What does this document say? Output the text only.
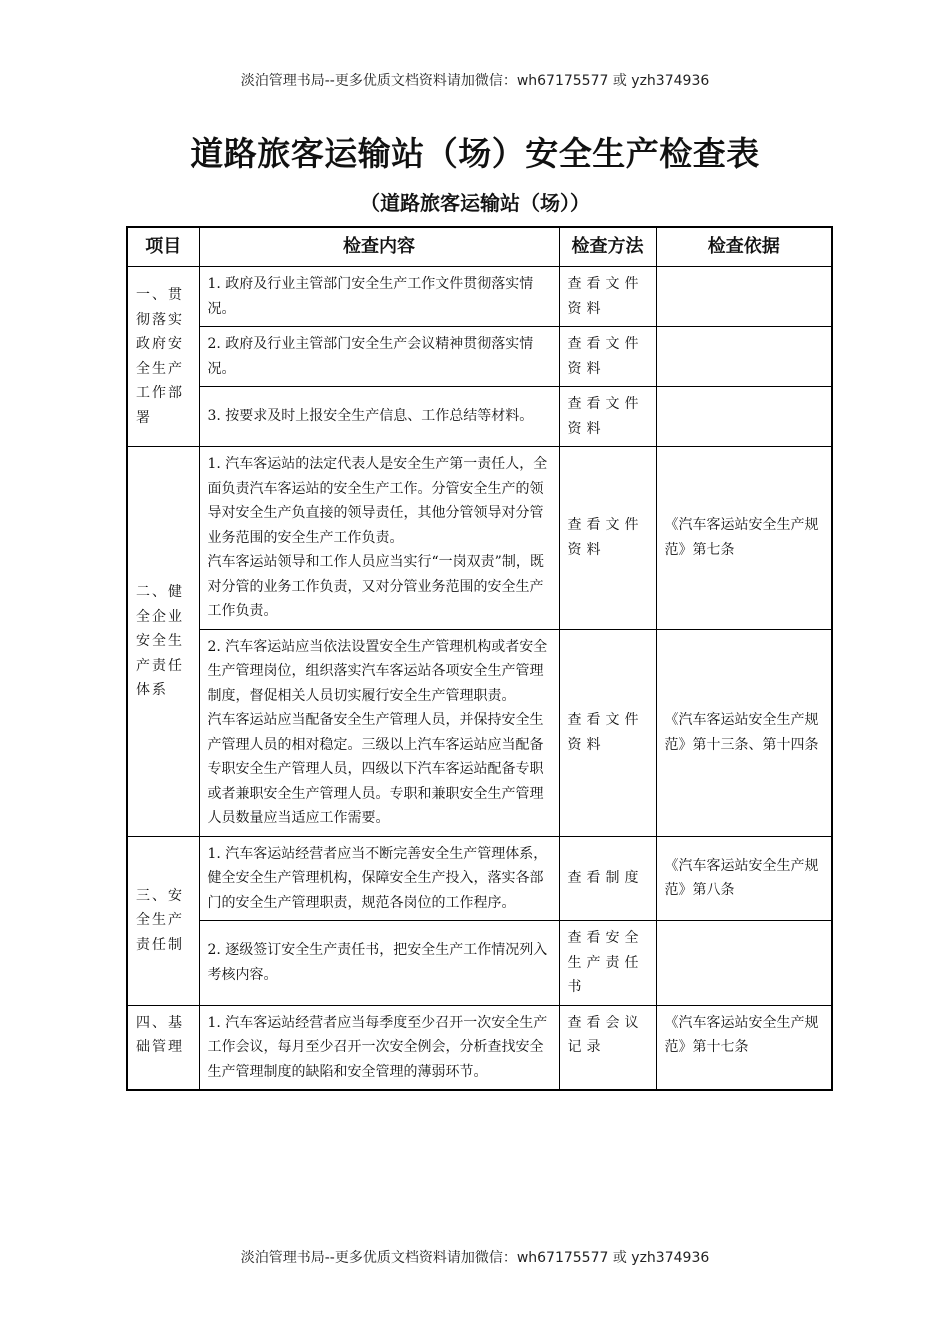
淡泊管理书局--更多优质文档资料请加微信：wh67175577 或 yzh374936
道路旅客运输站（场）安全生产检查表
（道路旅客运输站（场））
项目	检查内容	检查方法	检查依据
一、贯彻落实政府安全生产工作部署	1. 政府及行业主管部门安全生产工作文件贯彻落实情况。	查看文件资料	
	2. 政府及行业主管部门安全生产会议精神贯彻落实情况。	查看文件资料	
	3. 按要求及时上报安全生产信息、工作总结等材料。	查看文件资料	
二、健全企业安全生产责任体系	1. 汽车客运站的法定代表人是安全生产第一责任人，全面负责汽车客运站的安全生产工作。分管安全生产的领导对安全生产负直接的领导责任，其他分管领导对分管业务范围的安全生产工作负责。

汽车客运站领导和工作人员应当实行“一岗双责”制，既对分管的业务工作负责，又对分管业务范围的安全生产工作负责。	查看文件资料	《汽车客运站安全生产规范》第七条

	2. 汽车客运站应当依法设置安全生产管理机构或者安全生产管理岗位，组织落实汽车客运站各项安全生产管理制度，督促相关人员切实履行安全生产管理职责。

汽车客运站应当配备安全生产管理人员，并保持安全生产管理人员的相对稳定。三级以上汽车客运站应当配备专职安全生产管理人员，四级以下汽车客运站配备专职或者兼职安全生产管理人员。专职和兼职安全生产管理人员数量应当适应工作需要。	查看文件资料	《汽车客运站安全生产规范》第十三条、第十四条
三、安全生产责任制	1. 汽车客运站经营者应当不断完善安全生产管理体系，健全安全生产管理机构，保障安全生产投入，落实各部门的安全生产管理职责，规范各岗位的工作程序。	查看制度	《汽车客运站安全生产规范》第八条
	2. 逐级签订安全生产责任书，把安全生产工作情况列入考核内容。	查看安全生产责任书	
四、基础管理	1. 汽车客运站经营者应当每季度至少召开一次安全生产工作会议，每月至少召开一次安全例会，分析查找安全生产管理制度的缺陷和安全管理的薄弱环节。	查看会议记录	《汽车客运站安全生产规范》第十七条
淡泊管理书局--更多优质文档资料请加微信：wh67175577 或 yzh374936
